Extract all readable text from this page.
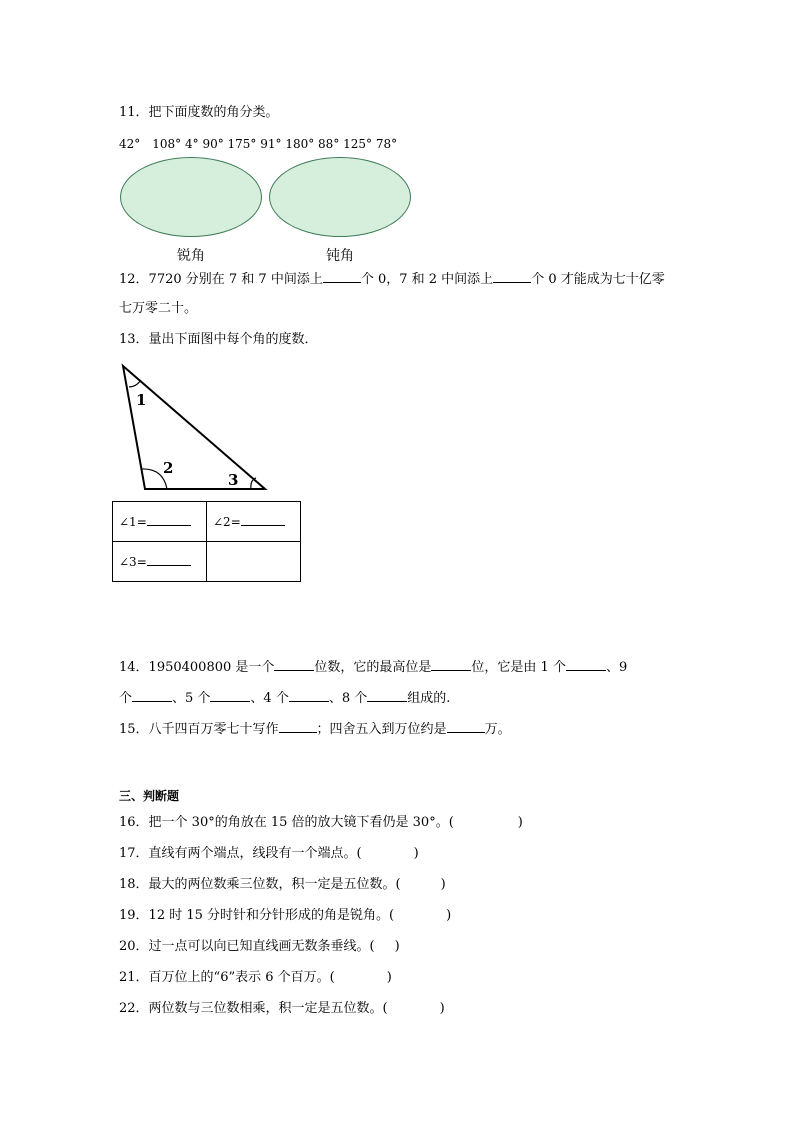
11．把下面度数的角分类。
42°　108° 4° 90° 175° 91° 180° 88° 125° 78°
锐角	钝角
12．7720 分别在 7 和 7 中间添上	个 0，7 和 2 中间添上	个 0 才能成为七十亿零
七万零二十。
13．量出下面图中每个角的度数．
1
2
3
∠1=	∠2=
∠3=	
14．1950400800 是一个	位数，它的最高位是	位，它是由 1 个	、9
个	、5 个	、4 个	、8 个	组成的.
15．八千四百万零七十写作	；四舍五入到万位约是	万。
三、判断题
16．把一个 30°的角放在 15 倍的放大镜下看仍是 30°。(	)
17．直线有两个端点，线段有一个端点。(	)
18．最大的两位数乘三位数，积一定是五位数。(	)
19．12 时 15 分时针和分针形成的角是锐角。(	)
20．过一点可以向已知直线画无数条垂线。( )
21．百万位上的“6”表示 6 个百万。(	)
22．两位数与三位数相乘，积一定是五位数。(	)
